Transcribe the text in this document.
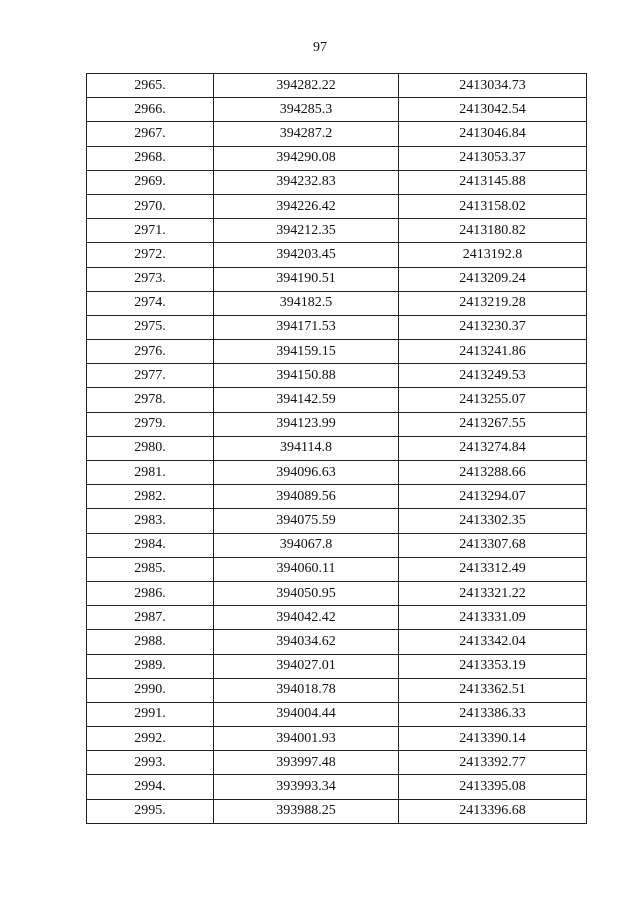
97
2965.	394282.22	2413034.73
2966.	394285.3	2413042.54
2967.	394287.2	2413046.84
2968.	394290.08	2413053.37
2969.	394232.83	2413145.88
2970.	394226.42	2413158.02
2971.	394212.35	2413180.82
2972.	394203.45	2413192.8
2973.	394190.51	2413209.24
2974.	394182.5	2413219.28
2975.	394171.53	2413230.37
2976.	394159.15	2413241.86
2977.	394150.88	2413249.53
2978.	394142.59	2413255.07
2979.	394123.99	2413267.55
2980.	394114.8	2413274.84
2981.	394096.63	2413288.66
2982.	394089.56	2413294.07
2983.	394075.59	2413302.35
2984.	394067.8	2413307.68
2985.	394060.11	2413312.49
2986.	394050.95	2413321.22
2987.	394042.42	2413331.09
2988.	394034.62	2413342.04
2989.	394027.01	2413353.19
2990.	394018.78	2413362.51
2991.	394004.44	2413386.33
2992.	394001.93	2413390.14
2993.	393997.48	2413392.77
2994.	393993.34	2413395.08
2995.	393988.25	2413396.68
